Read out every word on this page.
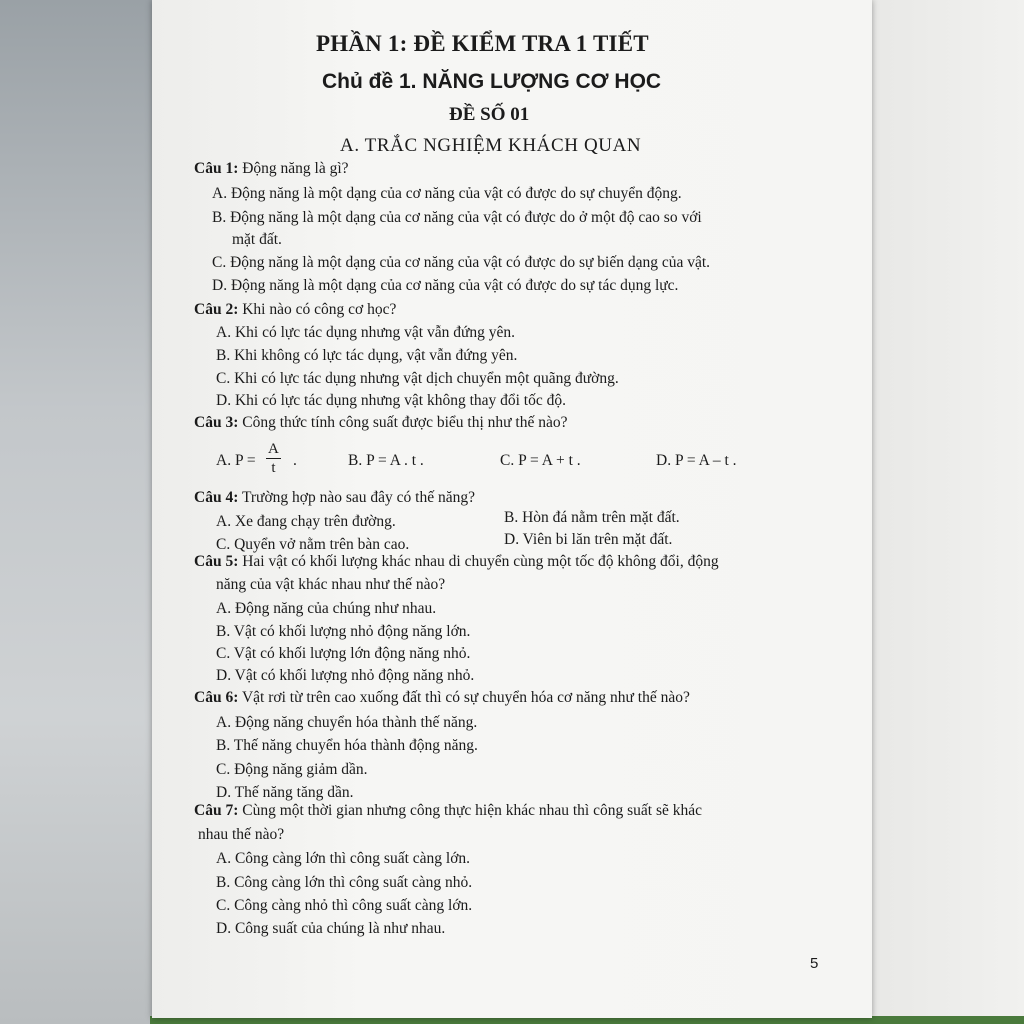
PHẦN 1: ĐỀ KIỂM TRA 1 TIẾT
Chủ đề 1. NĂNG LƯỢNG CƠ HỌC
ĐỀ SỐ 01
A. TRẮC NGHIỆM KHÁCH QUAN
Câu 1: Động năng là gì?
A. Động năng là một dạng của cơ năng của vật có được do sự chuyển động.
B. Động năng là một dạng của cơ năng của vật có được do ở một độ cao so với
mặt đất.
C. Động năng là một dạng của cơ năng của vật có được do sự biến dạng của vật.
D. Động năng là một dạng của cơ năng của vật có được do sự tác dụng lực.
Câu 2: Khi nào có công cơ học?
A. Khi có lực tác dụng nhưng vật vẫn đứng yên.
B. Khi không có lực tác dụng, vật vẫn đứng yên.
C. Khi có lực tác dụng nhưng vật dịch chuyển một quãng đường.
D. Khi có lực tác dụng nhưng vật không thay đổi tốc độ.
Câu 3: Công thức tính công suất được biểu thị như thế nào?
A. $P = \frac{A}{t}$ .	B. P = A . t .	C. P = A + t .	D. P = A – t .
Câu 4: Trường hợp nào sau đây có thế năng?
A. Xe đang chạy trên đường.	B. Hòn đá nằm trên mặt đất.
C. Quyển vở nằm trên bàn cao.	D. Viên bi lăn trên mặt đất.
Câu 5: Hai vật có khối lượng khác nhau di chuyển cùng một tốc độ không đổi, động
năng của vật khác nhau như thế nào?
A. Động năng của chúng như nhau.
B. Vật có khối lượng nhỏ động năng lớn.
C. Vật có khối lượng lớn động năng nhỏ.
D. Vật có khối lượng nhỏ động năng nhỏ.
Câu 6: Vật rơi từ trên cao xuống đất thì có sự chuyển hóa cơ năng như thế nào?
A. Động năng chuyển hóa thành thế năng.
B. Thế năng chuyển hóa thành động năng.
C. Động năng giảm dần.
D. Thế năng tăng dần.
Câu 7: Cùng một thời gian nhưng công thực hiện khác nhau thì công suất sẽ khác
nhau thế nào?
A. Công càng lớn thì công suất càng lớn.
B. Công càng lớn thì công suất càng nhỏ.
C. Công càng nhỏ thì công suất càng lớn.
D. Công suất của chúng là như nhau.
5
